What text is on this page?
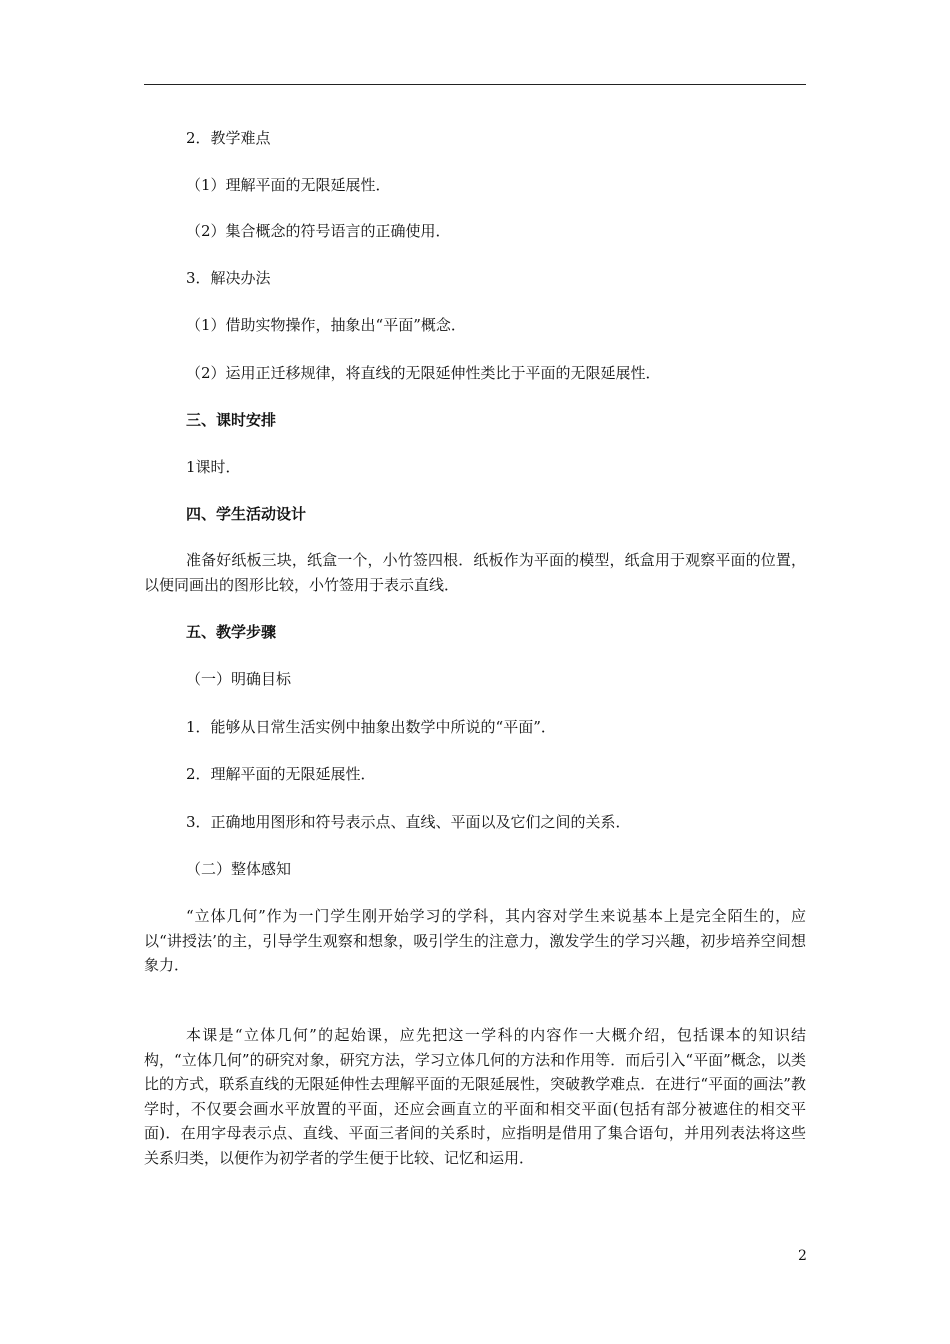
2．教学难点
（1）理解平面的无限延展性．
（2）集合概念的符号语言的正确使用．
3．解决办法
（1）借助实物操作，抽象出“平面”概念．
（2）运用正迁移规律，将直线的无限延伸性类比于平面的无限延展性．
三、课时安排
1课时．
四、学生活动设计
准备好纸板三块，纸盒一个，小竹签四根．纸板作为平面的模型，纸盒用于观察平面的位置，以便同画出的图形比较，小竹签用于表示直线．
五、教学步骤
（一）明确目标
1．能够从日常生活实例中抽象出数学中所说的“平面”．
2．理解平面的无限延展性．
3．正确地用图形和符号表示点、直线、平面以及它们之间的关系．
（二）整体感知
“立体几何”作为一门学生刚开始学习的学科，其内容对学生来说基本上是完全陌生的，应以“讲授法’的主，引导学生观察和想象，吸引学生的注意力，激发学生的学习兴趣，初步培养空间想象力．
本课是“立体几何”的起始课，应先把这一学科的内容作一大概介绍，包括课本的知识结构，“立体几何”的研究对象，研究方法，学习立体几何的方法和作用等．而后引入“平面”概念，以类比的方式，联系直线的无限延伸性去理解平面的无限延展性，突破教学难点．在进行“平面的画法”教学时，不仅要会画水平放置的平面，还应会画直立的平面和相交平面(包括有部分被遮住的相交平面)．在用字母表示点、直线、平面三者间的关系时，应指明是借用了集合语句，并用列表法将这些关系归类，以便作为初学者的学生便于比较、记忆和运用．
2
